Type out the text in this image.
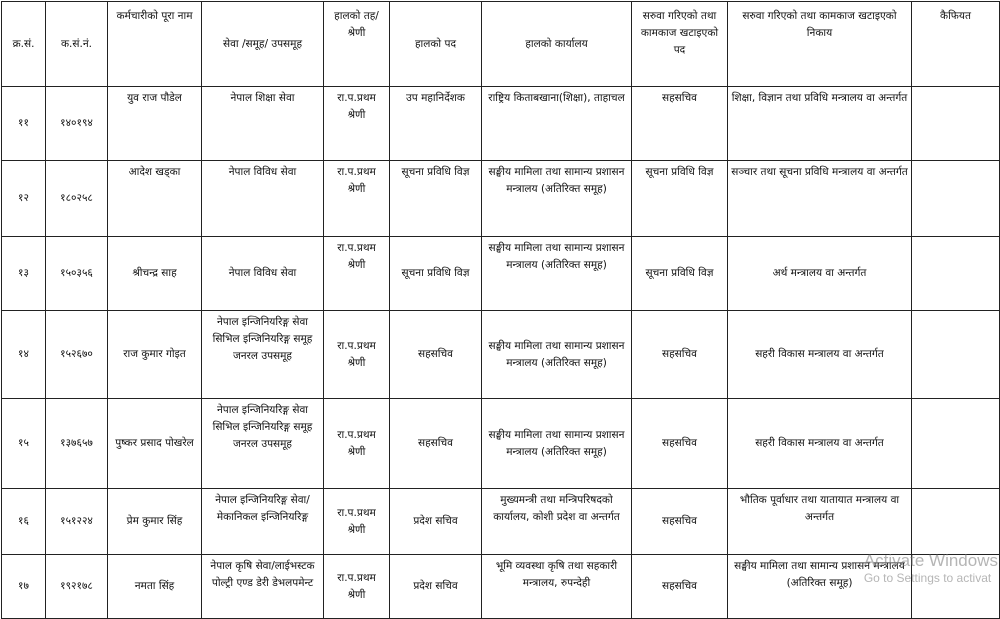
क्र.सं.	क.सं.नं.	कर्मचारीको पूरा नाम	सेवा /समूह/ उपसमूह	हालको तह/श्रेणी	हालको पद	हालको कार्यालय	सरुवा गरिएको तथा कामकाज खटाइएको पद	सरुवा गरिएको तथा कामकाज खटाइएको निकाय	कैफियत
११	१४०१९४	युव राज पौडेल	नेपाल शिक्षा सेवा	रा.प.प्रथम श्रेणी	उप महानिर्देशक	राष्ट्रिय किताबखाना(शिक्षा), ताहाचल	सहसचिव	शिक्षा, विज्ञान तथा प्रविधि मन्त्रालय वा अन्तर्गत	
१२	१८०२५८	आदेश खड्का	नेपाल विविध सेवा	रा.प.प्रथम श्रेणी	सूचना प्रविधि विज्ञ	सङ्घीय मामिला तथा सामान्य प्रशासन मन्त्रालय (अतिरिक्त समूह)	सूचना प्रविधि विज्ञ	सञ्चार तथा सूचना प्रविधि मन्त्रालय वा अन्तर्गत	
१३	१५०३५६	श्रीचन्द्र साह	नेपाल विविध सेवा	रा.प.प्रथम श्रेणी	सूचना प्रविधि विज्ञ	सङ्घीय मामिला तथा सामान्य प्रशासन मन्त्रालय (अतिरिक्त समूह)	सूचना प्रविधि विज्ञ	अर्थ मन्त्रालय वा अन्तर्गत	
१४	१५२६७०	राज कुमार गोइत	नेपाल इन्जिनियरिङ्ग सेवा सिभिल इन्जिनियरिङ्ग समूह जनरल उपसमूह	रा.प.प्रथम श्रेणी	सहसचिव	सङ्घीय मामिला तथा सामान्य प्रशासन मन्त्रालय (अतिरिक्त समूह)	सहसचिव	सहरी विकास मन्त्रालय वा अन्तर्गत	
१५	१३७६५७	पुष्कर प्रसाद पोखरेल	नेपाल इन्जिनियरिङ्ग सेवा सिभिल इन्जिनियरिङ्ग समूह जनरल उपसमूह	रा.प.प्रथम श्रेणी	सहसचिव	सङ्घीय मामिला तथा सामान्य प्रशासन मन्त्रालय (अतिरिक्त समूह)	सहसचिव	सहरी विकास मन्त्रालय वा अन्तर्गत	
१६	१५१२२४	प्रेम कुमार सिंह	नेपाल इन्जिनियरिङ्ग सेवा/मेकानिकल इन्जिनियरिङ्ग	रा.प.प्रथम श्रेणी	प्रदेश सचिव	मुख्यमन्त्री तथा मन्त्रिपरिषदको कार्यालय, कोशी प्रदेश वा अन्तर्गत	सहसचिव	भौतिक पूर्वाधार तथा यातायात मन्त्रालय वा अन्तर्गत	
१७	१९२१७८	नमता सिंह	नेपाल कृषि सेवा/लाईभस्टक पोल्ट्री एण्ड डेरी डेभलपमेन्ट	रा.प.प्रथम श्रेणी	प्रदेश सचिव	भूमि व्यवस्था कृषि तथा सहकारी मन्त्रालय, रुपन्देही	सहसचिव	सङ्घीय मामिला तथा सामान्य प्रशासन मन्त्रालय (अतिरिक्त समूह)	
Activate Windows
Go to Settings to activat
